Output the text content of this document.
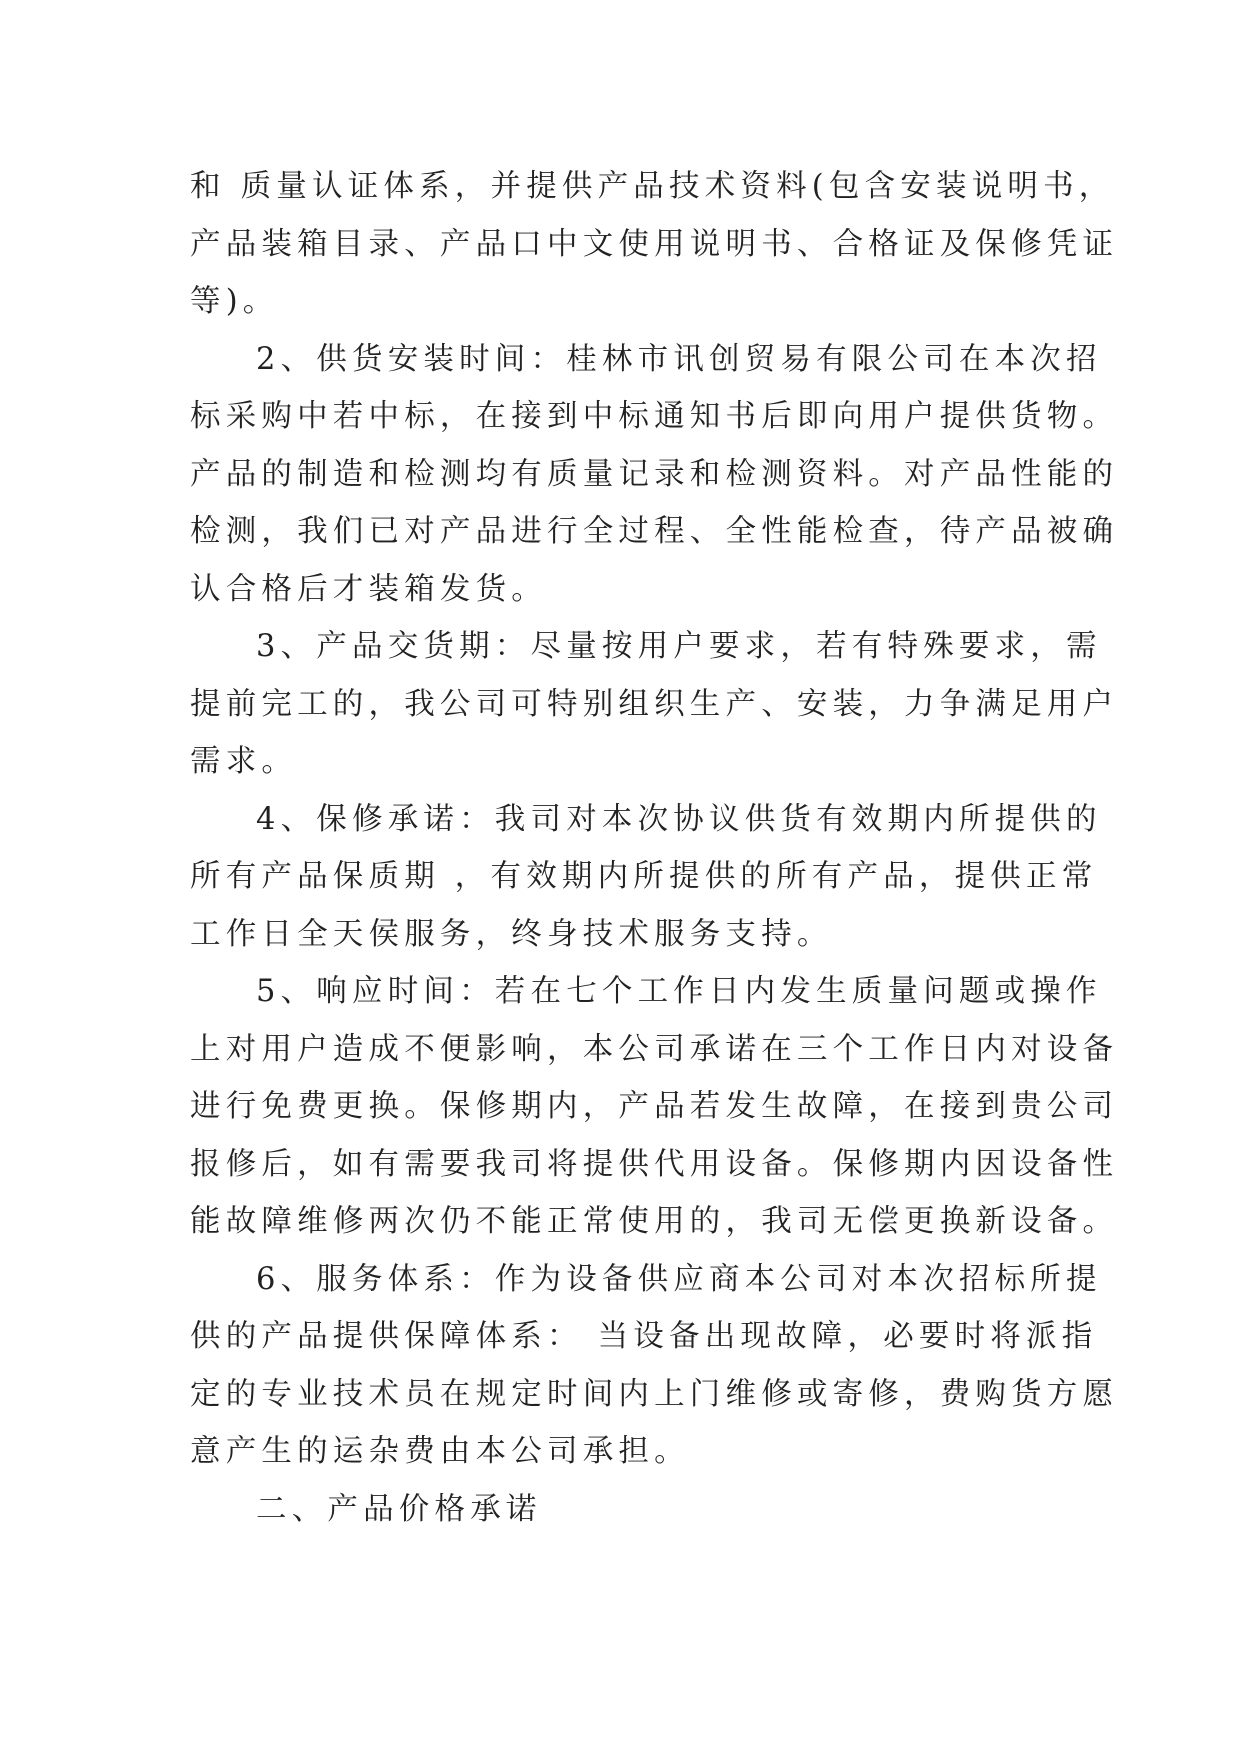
和 质量认证体系，并提供产品技术资料(包含安装说明书，
产品装箱目录、产品口中文使用说明书、合格证及保修凭证
等)。
2、供货安装时间：桂林市讯创贸易有限公司在本次招
标采购中若中标，在接到中标通知书后即向用户提供货物。
产品的制造和检测均有质量记录和检测资料。对产品性能的
检测，我们已对产品进行全过程、全性能检查，待产品被确
认合格后才装箱发货。
3、产品交货期：尽量按用户要求，若有特殊要求，需
提前完工的，我公司可特别组织生产、安装，力争满足用户
需求。
4、保修承诺：我司对本次协议供货有效期内所提供的
所有产品保质期 ，有效期内所提供的所有产品，提供正常
工作日全天侯服务，终身技术服务支持。
5、响应时间：若在七个工作日内发生质量问题或操作
上对用户造成不便影响，本公司承诺在三个工作日内对设备
进行免费更换。保修期内，产品若发生故障，在接到贵公司
报修后，如有需要我司将提供代用设备。保修期内因设备性
能故障维修两次仍不能正常使用的，我司无偿更换新设备。
6、服务体系：作为设备供应商本公司对本次招标所提
供的产品提供保障体系： 当设备出现故障，必要时将派指
定的专业技术员在规定时间内上门维修或寄修，费购货方愿
意产生的运杂费由本公司承担。
二、产品价格承诺
